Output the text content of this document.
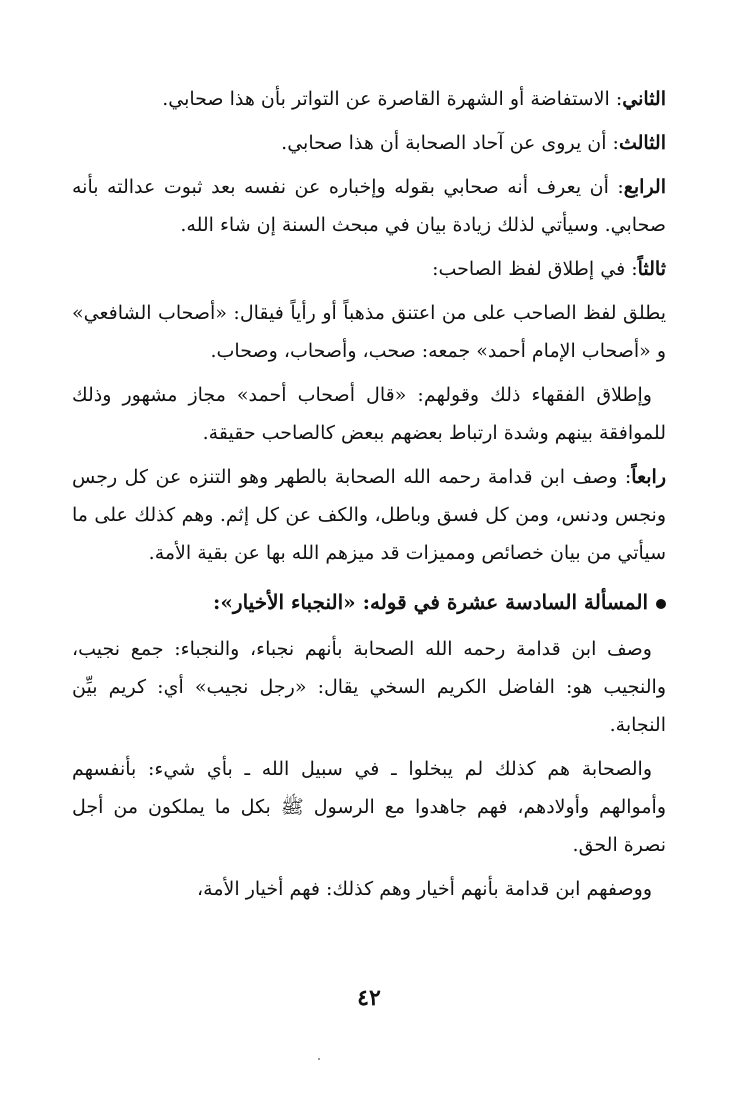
الثاني: الاستفاضة أو الشهرة القاصرة عن التواتر بأن هذا صحابي.

الثالث: أن يروى عن آحاد الصحابة أن هذا صحابي.

الرابع: أن يعرف أنه صحابي بقوله وإخباره عن نفسه بعد ثبوت عدالته بأنه صحابي. وسيأتي لذلك زيادة بيان في مبحث السنة إن شاء الله.

ثالثاً: في إطلاق لفظ الصاحب:

يطلق لفظ الصاحب على من اعتنق مذهباً أو رأياً فيقال: «أصحاب الشافعي» و «أصحاب الإمام أحمد» جمعه: صحب، وأصحاب، وصحاب.

وإطلاق الفقهاء ذلك وقولهم: «قال أصحاب أحمد» مجاز مشهور وذلك للموافقة بينهم وشدة ارتباط بعضهم ببعض كالصاحب حقيقة.

رابعاً: وصف ابن قدامة رحمه الله الصحابة بالطهر وهو التنزه عن كل رجس ونجس ودنس، ومن كل فسق وباطل، والكف عن كل إثم. وهم كذلك على ما سيأتي من بيان خصائص ومميزات قد ميزهم الله بها عن بقية الأمة.

المسألة السادسة عشرة في قوله: «النجباء الأخيار»:

وصف ابن قدامة رحمه الله الصحابة بأنهم نجباء، والنجباء: جمع نجيب، والنجيب هو: الفاضل الكريم السخي يقال: «رجل نجيب» أي: كريم بيِّن النجابة.

والصحابة هم كذلك لم يبخلوا ـ في سبيل الله ـ بأي شيء: بأنفسهم وأموالهم وأولادهم، فهم جاهدوا مع الرسول ﷺ بكل ما يملكون من أجل نصرة الحق.

ووصفهم ابن قدامة بأنهم أخيار وهم كذلك: فهم أخيار الأمة،

٤٢
